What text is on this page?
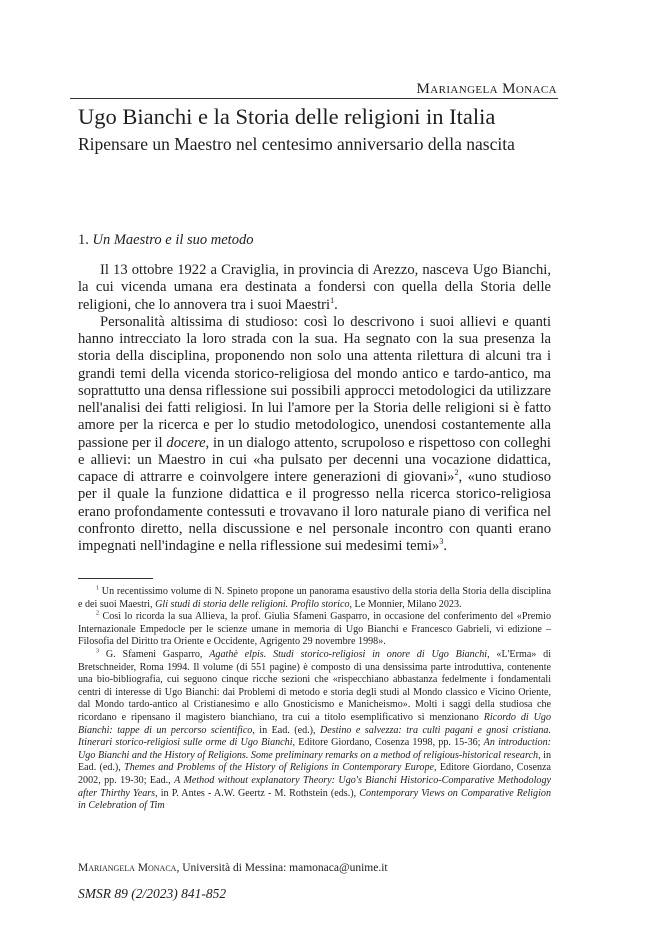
Mariangela Monaca
Ugo Bianchi e la Storia delle religioni in Italia
Ripensare un Maestro nel centesimo anniversario della nascita
1. Un Maestro e il suo metodo

Il 13 ottobre 1922 a Craviglia, in provincia di Arezzo, nasceva Ugo Bianchi, la cui vicenda umana era destinata a fondersi con quella della Storia delle religioni, che lo annovera tra i suoi Maestri$^1$.

Personalità altissima di studioso: così lo descrivono i suoi allievi e quanti hanno intrecciato la loro strada con la sua. Ha segnato con la sua presenza la storia della disciplina, proponendo non solo una attenta rilettura di alcuni tra i grandi temi della vicenda storico-religiosa del mondo antico e tardo-antico, ma soprattutto una densa riflessione sui possibili approcci metodologici da utilizzare nell'analisi dei fatti religiosi. In lui l'amore per la Storia delle religioni si è fatto amore per la ricerca e per lo studio metodologico, unendosi costantemente alla passione per il docere, in un dialogo attento, scrupoloso e rispettoso con colleghi e allievi: un Maestro in cui «ha pulsato per decenni una vocazione didattica, capace di attrarre e coinvolgere intere generazioni di giovani»$^2$, «uno studioso per il quale la funzione didattica e il progresso nella ricerca storico-religiosa erano profondamente contessuti e trovavano il loro naturale piano di verifica nel confronto diretto, nella discussione e nel personale incontro con quanti erano impegnati nell'indagine e nella riflessione sui medesimi temi»$^3$.

$^1$ Un recentissimo volume di N. Spineto propone un panorama esaustivo della storia della Storia della disciplina e dei suoi Maestri, Gli studi di storia delle religioni. Profilo storico, Le Monnier, Milano 2023.

$^2$ Così lo ricorda la sua Allieva, la prof. Giulia Sfameni Gasparro, in occasione del conferimento del «Premio Internazionale Empedocle per le scienze umane in memoria di Ugo Bianchi e Francesco Gabrieli, vi edizione – Filosofia del Diritto tra Oriente e Occidente, Agrigento 29 novembre 1998».

$^3$ G. Sfameni Gasparro, Agathè elpis. Studi storico-religiosi in onore di Ugo Bianchi, «L'Erma» di Bretschneider, Roma 1994. Il volume (di 551 pagine) è composto di una densissima parte introduttiva, contenente una bio-bibliografia, cui seguono cinque ricche sezioni che «rispecchiano abbastanza fedelmente i fondamentali centri di interesse di Ugo Bianchi: dai Problemi di metodo e storia degli studi al Mondo classico e Vicino Oriente, dal Mondo tardo-antico al Cristianesimo e allo Gnosticismo e Manicheismo». Molti i saggi della studiosa che ricordano e ripensano il magistero bianchiano, tra cui a titolo esemplificativo si menzionano Ricordo di Ugo Bianchi: tappe di un percorso scientifico, in Ead. (ed.), Destino e salvezza: tra culti pagani e gnosi cristiana. Itinerari storico-religiosi sulle orme di Ugo Bianchi, Editore Giordano, Cosenza 1998, pp. 15-36; An introduction: Ugo Bianchi and the History of Religions. Some preliminary remarks on a method of religious-historical research, in Ead. (ed.), Themes and Problems of the History of Religions in Contemporary Europe, Editore Giordano, Cosenza 2002, pp. 19-30; Ead., A Method without explanatory Theory: Ugo's Bianchi Historico-Comparative Methodology after Thirthy Years, in P. Antes - A.W. Geertz - M. Rothstein (eds.), Contemporary Views on Comparative Religion in Celebration of Tim

Mariangela Monaca, Università di Messina: mamonaca@unime.it
SMSR 89 (2/2023) 841-852
